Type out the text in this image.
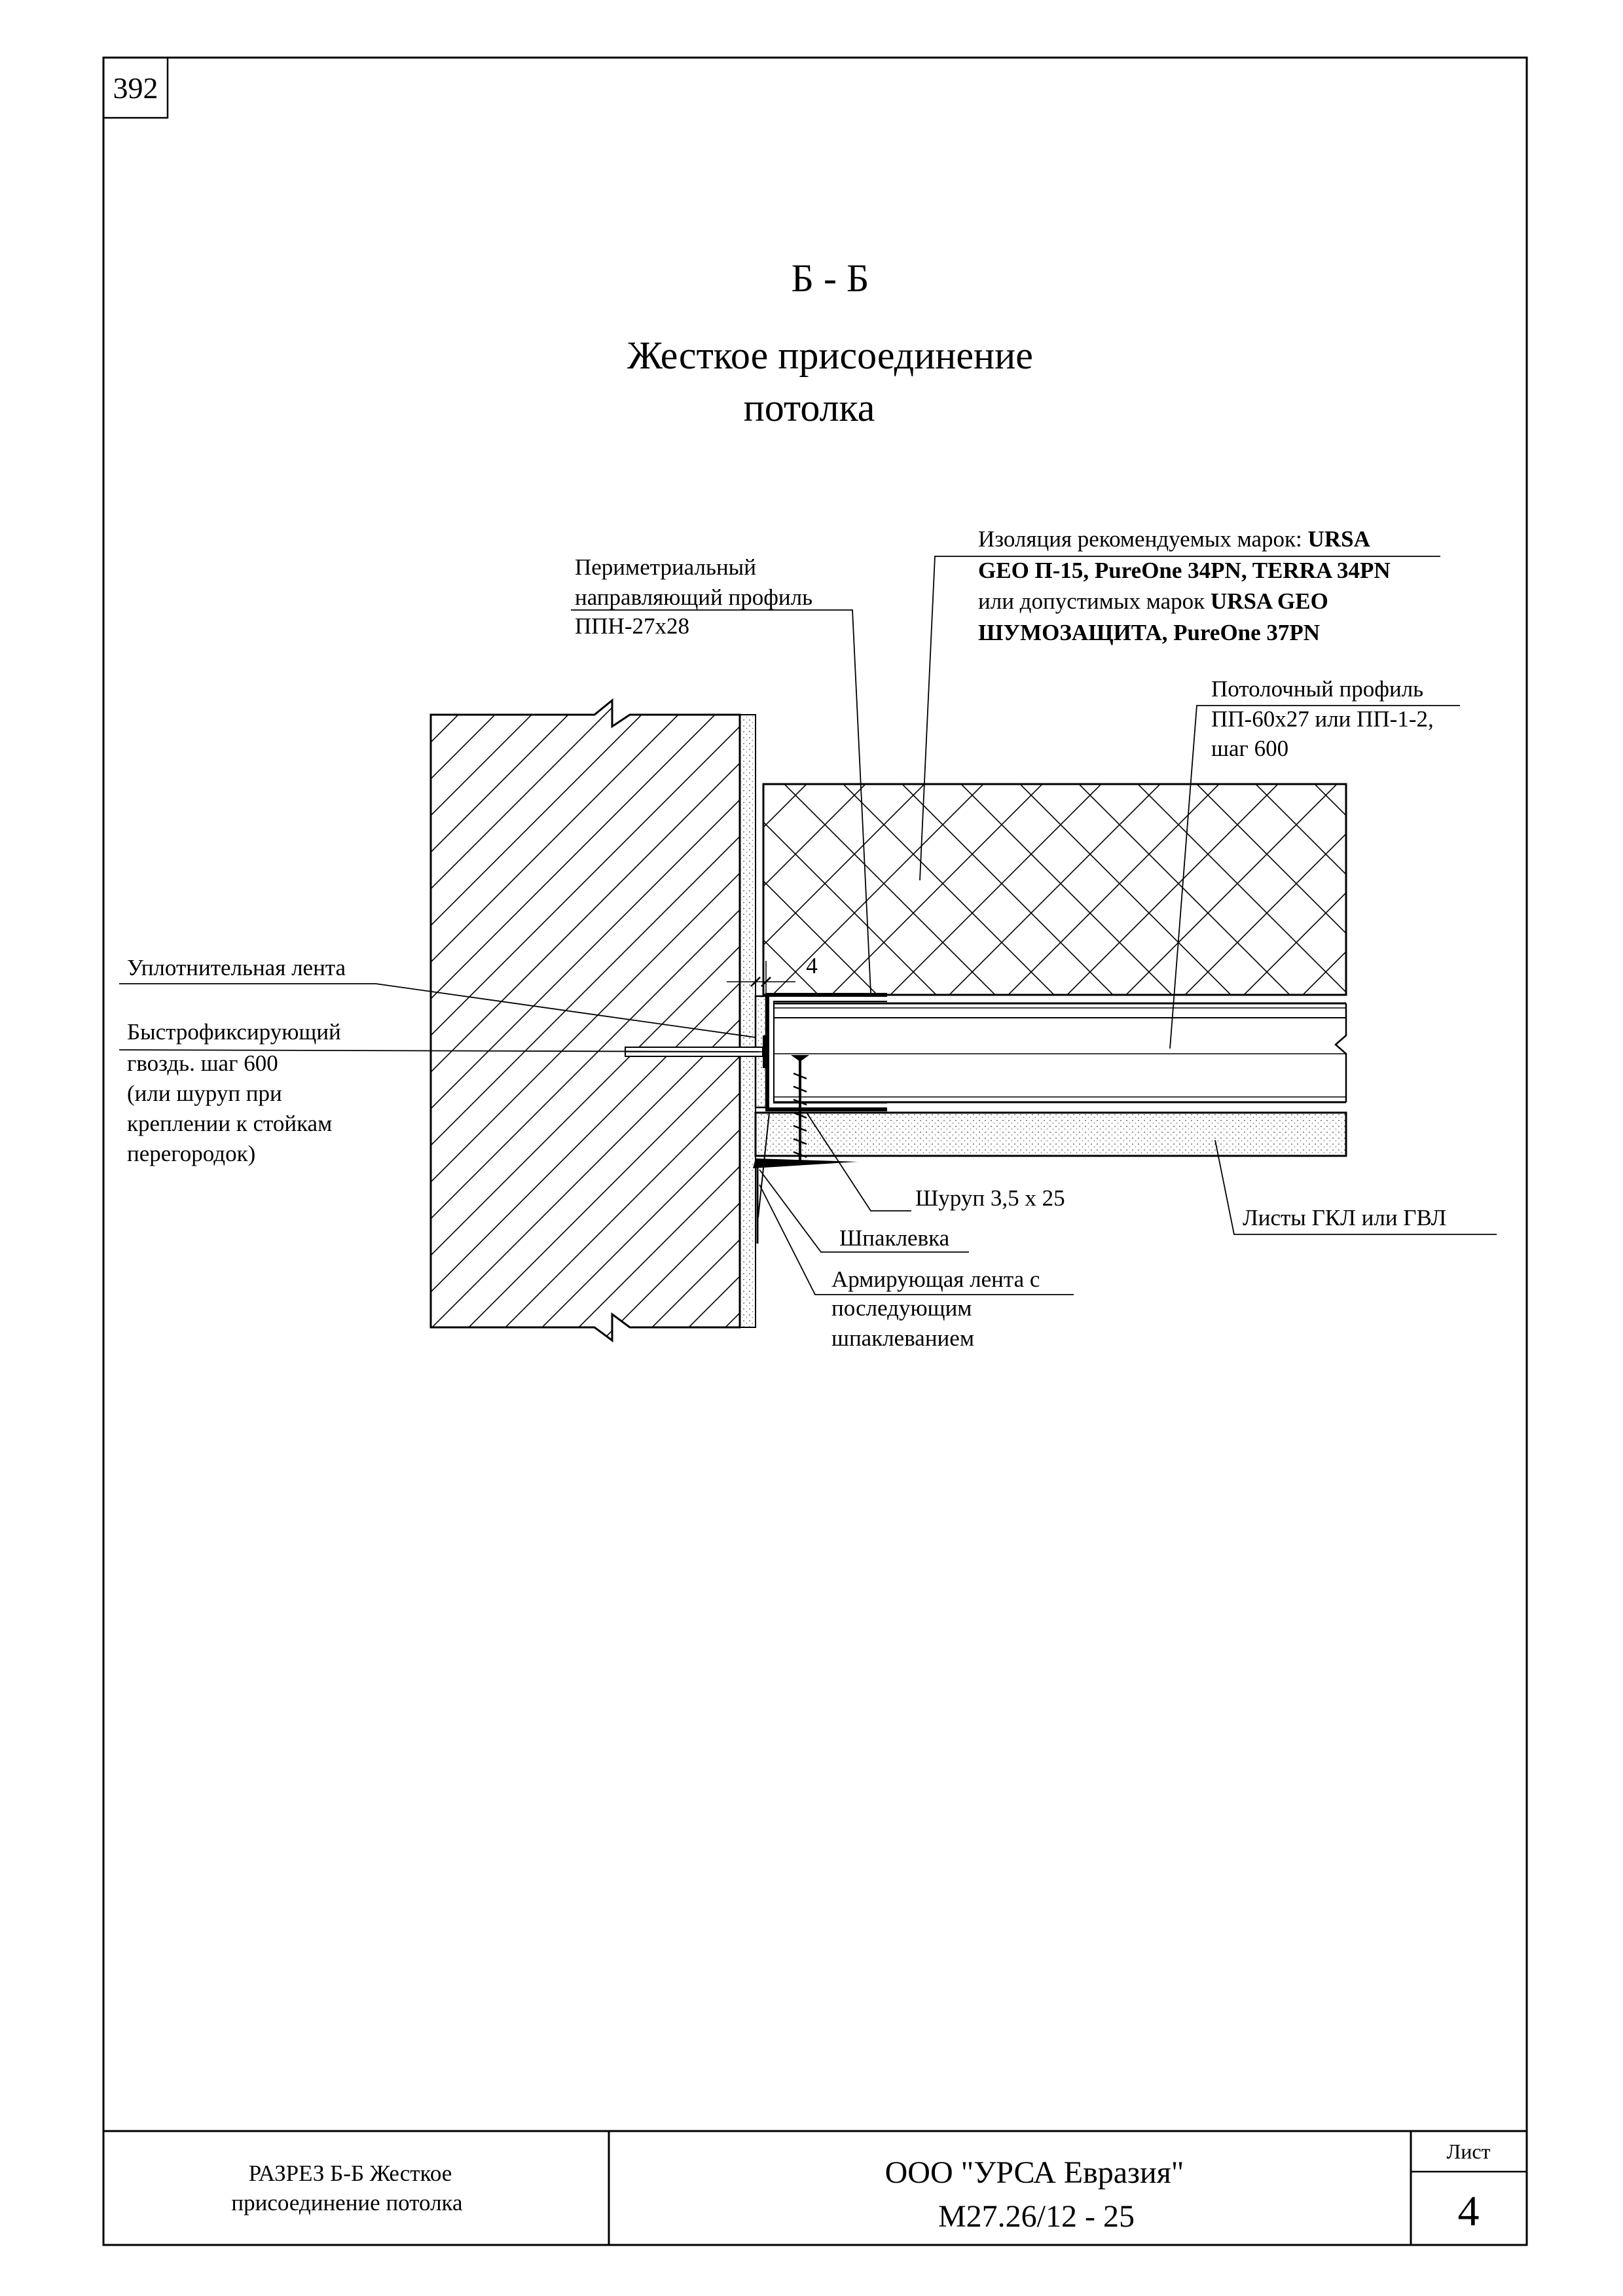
392
Б - Б
Жесткое присоединение
потолка
4
Периметриальный
направляющий профиль
ППН-27х28
Изоляция рекомендуемых марок: URSA
GEO П-15, PureOne 34PN, TERRA 34PN
или допустимых марок URSA GEO
ШУМОЗАЩИТА, PureOne 37PN
Потолочный профиль
ПП-60х27 или ПП-1-2,
шаг 600
Уплотнительная лента
Быстрофиксирующий
гвоздь. шаг 600
(или шуруп при
креплении к стойкам
перегородок)
Шуруп 3,5 х 25
Шпаклевка
Армирующая лента с
последующим
шпаклеванием
Листы ГКЛ или ГВЛ
РАЗРЕЗ Б-Б Жесткое
присоединение потолка
ООО "УРСА Евразия"
М27.26/12 - 25
Лист
4
